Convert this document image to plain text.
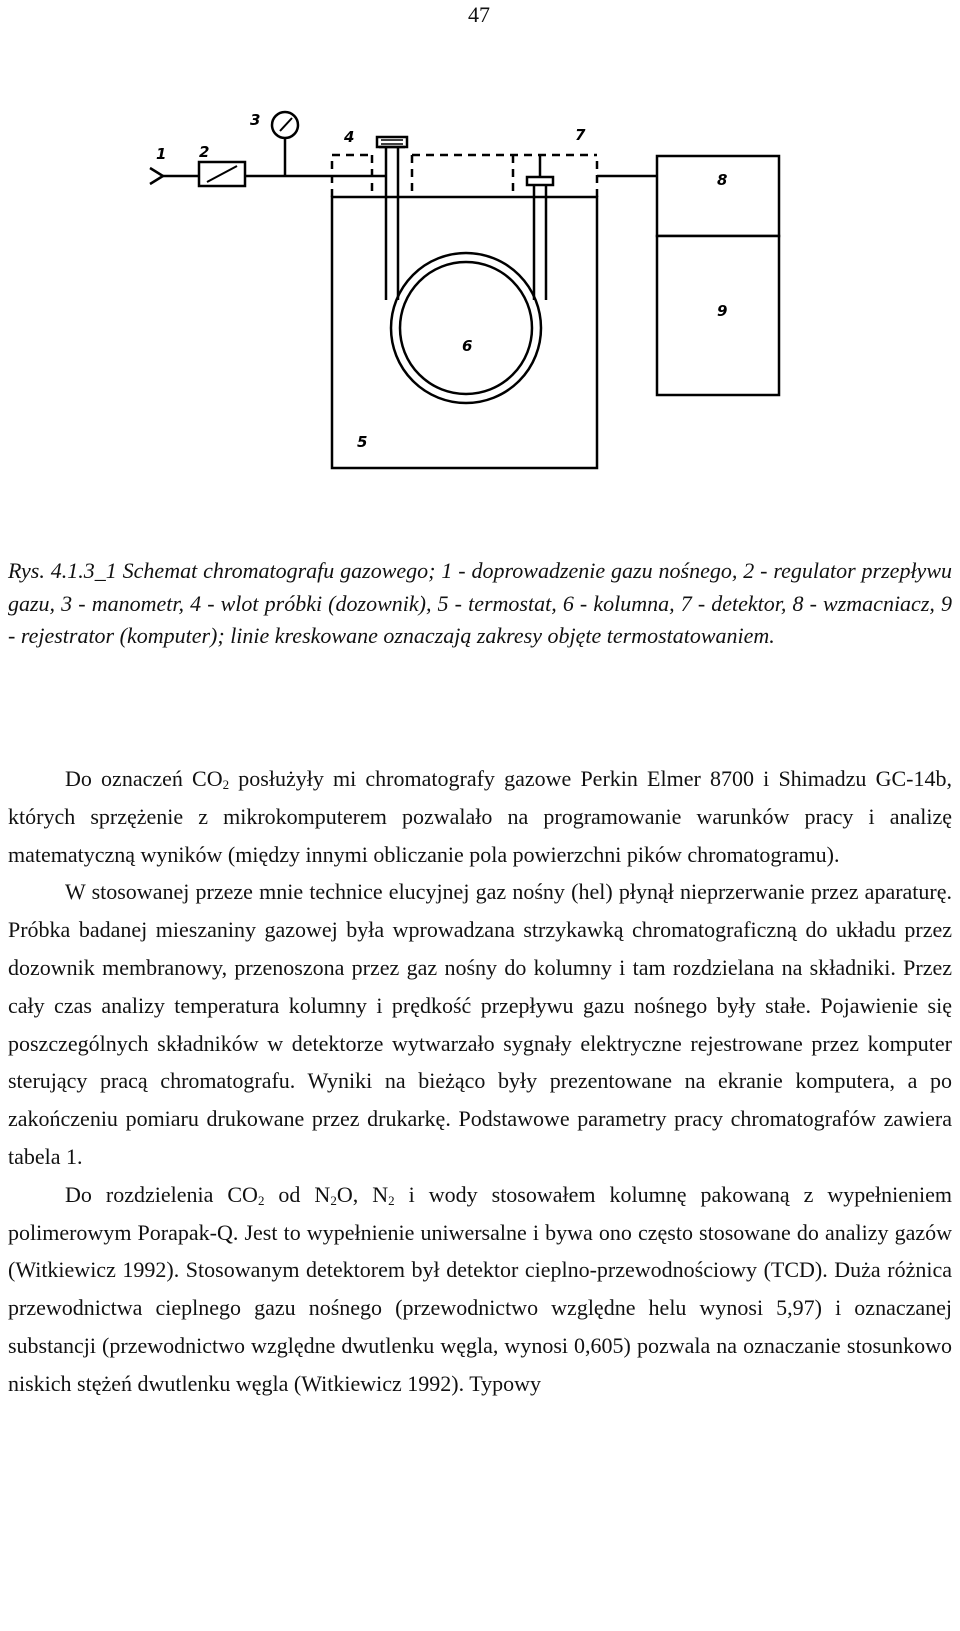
47
1 2
3
4
5
6
7
8
9
Rys. 4.1.3_1 Schemat chromatografu gazowego; 1 - doprowadzenie gazu nośnego, 2 - regulator przepływu gazu, 3 - manometr, 4 - wlot próbki (dozownik), 5 - termostat, 6 - kolumna, 7 - detektor, 8 - wzmacniacz, 9 - rejestrator (komputer); linie kreskowane oznaczają zakresy objęte termostatowaniem.

Do oznaczeń $CO_2$ posłużyły mi chromatografy gazowe Perkin Elmer 8700 i Shimadzu GC-14b, których sprzężenie z mikrokomputerem pozwalało na programowanie warunków pracy i analizę matematyczną wyników (między innymi obliczanie pola powierzchni pików chromatogramu).

W stosowanej przeze mnie technice elucyjnej gaz nośny (hel) płynął nieprzerwanie przez aparaturę. Próbka badanej mieszaniny gazowej była wprowadzana strzykawką chromatograficzną do układu przez dozownik membranowy, przenoszona przez gaz nośny do kolumny i tam rozdzielana na składniki. Przez cały czas analizy temperatura kolumny i prędkość przepływu gazu nośnego były stałe. Pojawienie się poszczególnych składników w detektorze wytwarzało sygnały elektryczne rejestrowane przez komputer sterujący pracą chromatografu. Wyniki na bieżąco były prezentowane na ekranie komputera, a po zakończeniu pomiaru drukowane przez drukarkę. Podstawowe parametry pracy chromatografów zawiera tabela 1.

Do rozdzielenia $CO_2$ od $N_2O$, $N_2$ i wody stosowałem kolumnę pakowaną z wypełnieniem polimerowym Porapak-Q. Jest to wypełnienie uniwersalne i bywa ono często stosowane do analizy gazów (Witkiewicz 1992). Stosowanym detektorem był detektor cieplno-przewodnościowy (TCD). Duża różnica przewodnictwa cieplnego gazu nośnego (przewodnictwo względne helu wynosi 5,97) i oznaczanej substancji (przewodnictwo względne dwutlenku węgla, wynosi 0,605) pozwala na oznaczanie stosunkowo niskich stężeń dwutlenku węgla (Witkiewicz 1992). Typowy
